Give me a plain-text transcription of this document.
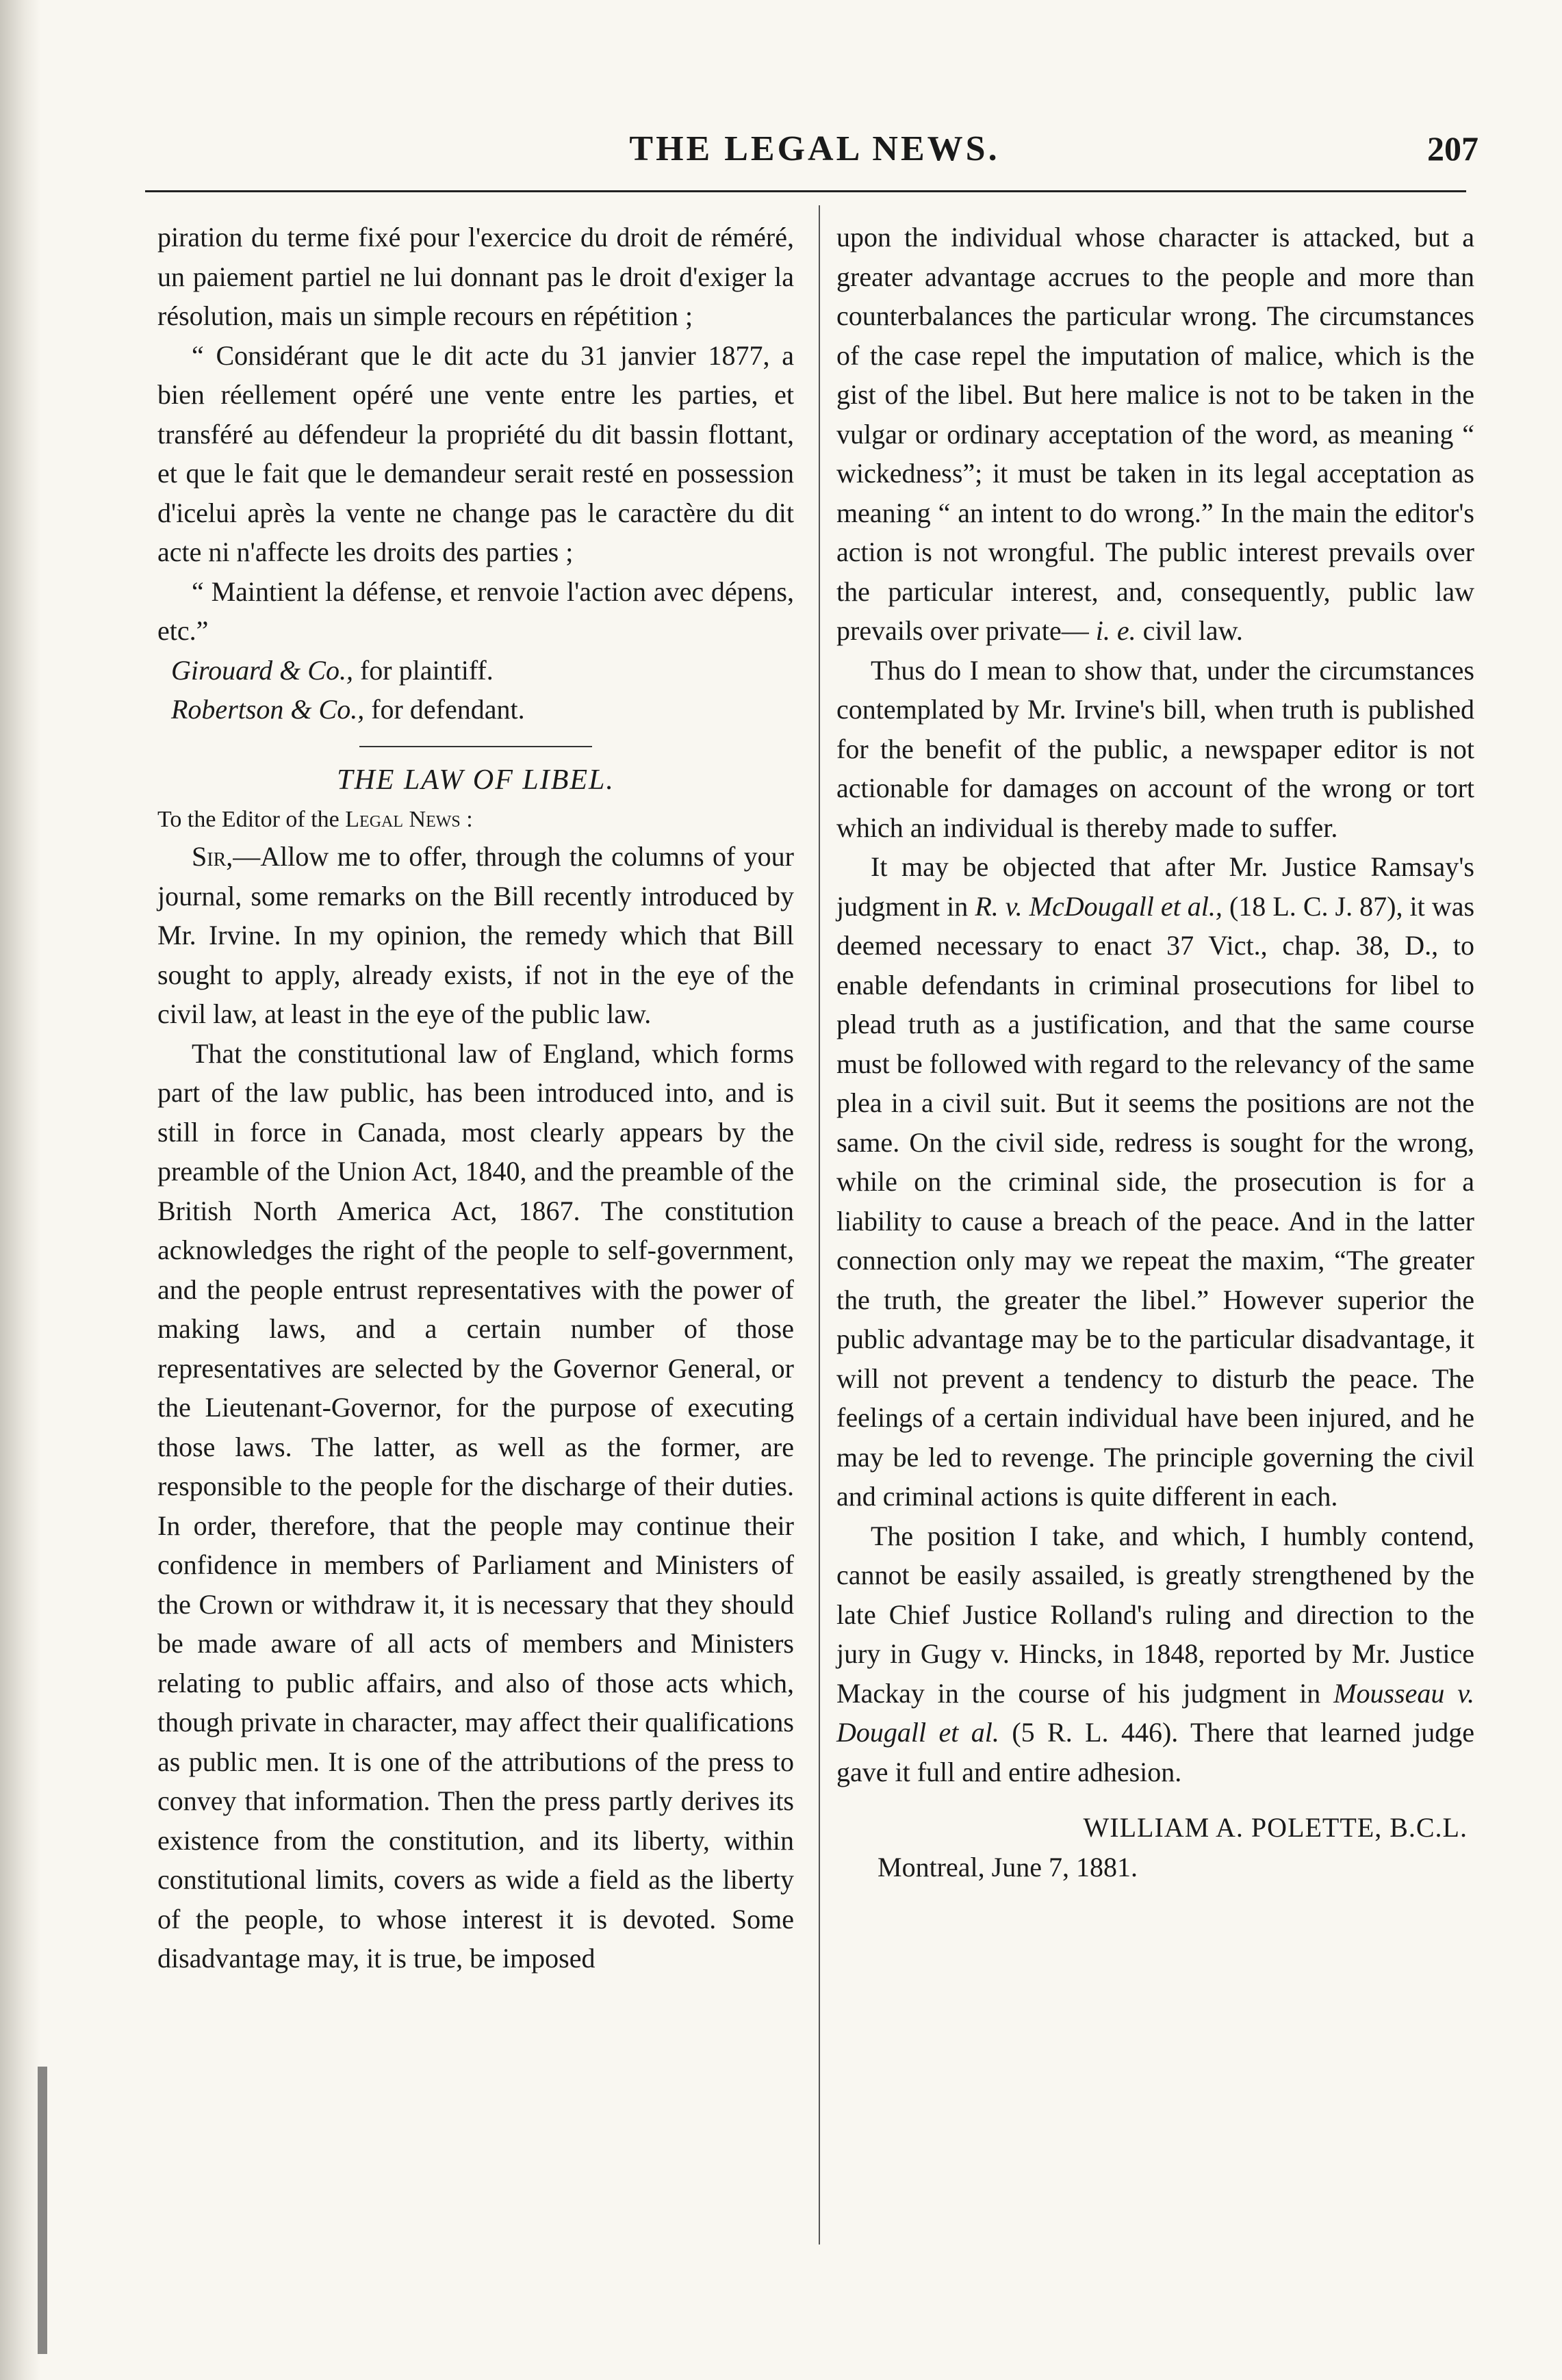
THE LEGAL NEWS.	207

piration du terme fixé pour l'exercice du droit de réméré, un paiement partiel ne lui donnant pas le droit d'exiger la résolution, mais un simple recours en répétition ;

“ Considérant que le dit acte du 31 janvier 1877, a bien réellement opéré une vente entre les parties, et transféré au défendeur la propriété du dit bassin flottant, et que le fait que le demandeur serait resté en possession d'icelui après la vente ne change pas le caractère du dit acte ni n'affecte les droits des parties ;

“ Maintient la défense, et renvoie l'action avec dépens, etc.”

Girouard & Co., for plaintiff.

Robertson & Co., for defendant.

THE LAW OF LIBEL.

To the Editor of the Legal News :

Sir,—Allow me to offer, through the columns of your journal, some remarks on the Bill recently introduced by Mr. Irvine. In my opinion, the remedy which that Bill sought to apply, already exists, if not in the eye of the civil law, at least in the eye of the public law.

That the constitutional law of England, which forms part of the law public, has been introduced into, and is still in force in Canada, most clearly appears by the preamble of the Union Act, 1840, and the preamble of the British North America Act, 1867. The constitution acknowledges the right of the people to self-government, and the people entrust representatives with the power of making laws, and a certain number of those representatives are selected by the Governor General, or the Lieutenant-Governor, for the purpose of executing those laws. The latter, as well as the former, are responsible to the people for the discharge of their duties. In order, therefore, that the people may continue their confidence in members of Parliament and Ministers of the Crown or withdraw it, it is necessary that they should be made aware of all acts of members and Ministers relating to public affairs, and also of those acts which, though private in character, may affect their qualifications as public men. It is one of the attributions of the press to convey that information. Then the press partly derives its existence from the constitution, and its liberty, within constitutional limits, covers as wide a field as the liberty of the people, to whose interest it is devoted. Some disadvantage may, it is true, be imposed

upon the individual whose character is attacked, but a greater advantage accrues to the people and more than counterbalances the particular wrong. The circumstances of the case repel the imputation of malice, which is the gist of the libel. But here malice is not to be taken in the vulgar or ordinary acceptation of the word, as meaning “ wickedness”; it must be taken in its legal acceptation as meaning “ an intent to do wrong.” In the main the editor's action is not wrongful. The public interest prevails over the particular interest, and, consequently, public law prevails over private— i. e. civil law.

Thus do I mean to show that, under the circumstances contemplated by Mr. Irvine's bill, when truth is published for the benefit of the public, a newspaper editor is not actionable for damages on account of the wrong or tort which an individual is thereby made to suffer.

It may be objected that after Mr. Justice Ramsay's judgment in R. v. McDougall et al., (18 L. C. J. 87), it was deemed necessary to enact 37 Vict., chap. 38, D., to enable defendants in criminal prosecutions for libel to plead truth as a justification, and that the same course must be followed with regard to the relevancy of the same plea in a civil suit. But it seems the positions are not the same. On the civil side, redress is sought for the wrong, while on the criminal side, the prosecution is for a liability to cause a breach of the peace. And in the latter connection only may we repeat the maxim, “The greater the truth, the greater the libel.” However superior the public advantage may be to the particular disadvantage, it will not prevent a tendency to disturb the peace. The feelings of a certain individual have been injured, and he may be led to revenge. The principle governing the civil and criminal actions is quite different in each.

The position I take, and which, I humbly contend, cannot be easily assailed, is greatly strengthened by the late Chief Justice Rolland's ruling and direction to the jury in Gugy v. Hincks, in 1848, reported by Mr. Justice Mackay in the course of his judgment in Mousseau v. Dougall et al. (5 R. L. 446). There that learned judge gave it full and entire adhesion.

WILLIAM A. POLETTE, B.C.L.

Montreal, June 7, 1881.
